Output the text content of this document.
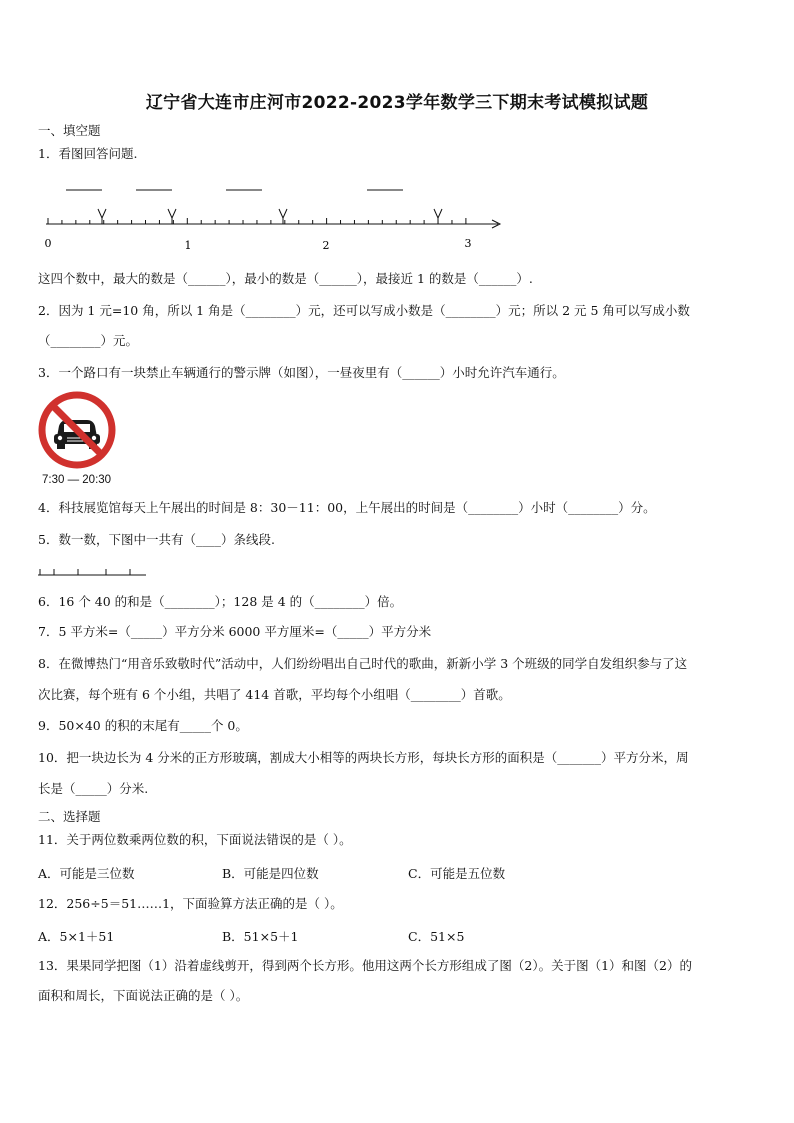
辽宁省大连市庄河市2022-2023学年数学三下期末考试模拟试题
一、填空题
1．看图回答问题.
0	1	2	3
这四个数中，最大的数是（______），最小的数是（______），最接近 1 的数是（______）.
2．因为 1 元=10 角，所以 1 角是（________）元，还可以写成小数是（________）元；所以 2 元 5 角可以写成小数
（________）元。
3．一个路口有一块禁止车辆通行的警示牌（如图），一昼夜里有（______）小时允许汽车通行。
7:30 — 20:30
4．科技展览馆每天上午展出的时间是 8：30－11：00，上午展出的时间是（________）小时（________）分。
5．数一数，下图中一共有（____）条线段.
6．16 个 40 的和是（________）；128 是 4 的（________）倍。
7．5 平方米=（_____）平方分米 6000 平方厘米=（_____）平方分米
8．在微博热门“用音乐致敬时代”活动中，人们纷纷唱出自己时代的歌曲，新新小学 3 个班级的同学自发组织参与了这
次比赛，每个班有 6 个小组，共唱了 414 首歌，平均每个小组唱（________）首歌。
9．50×40 的积的末尾有_____个 0。
10．把一块边长为 4 分米的正方形玻璃，割成大小相等的两块长方形，每块长方形的面积是（_______）平方分米，周
长是（_____）分米.
二、选择题
11．关于两位数乘两位数的积，下面说法错误的是（ ）。
A．可能是三位数	B．可能是四位数	C．可能是五位数
12．256÷5＝51……1，下面验算方法正确的是（ ）。
A．5×1＋51	B．51×5＋1	C．51×5
13．果果同学把图（1）沿着虚线剪开，得到两个长方形。他用这两个长方形组成了图（2）。关于图（1）和图（2）的
面积和周长，下面说法正确的是（ ）。
